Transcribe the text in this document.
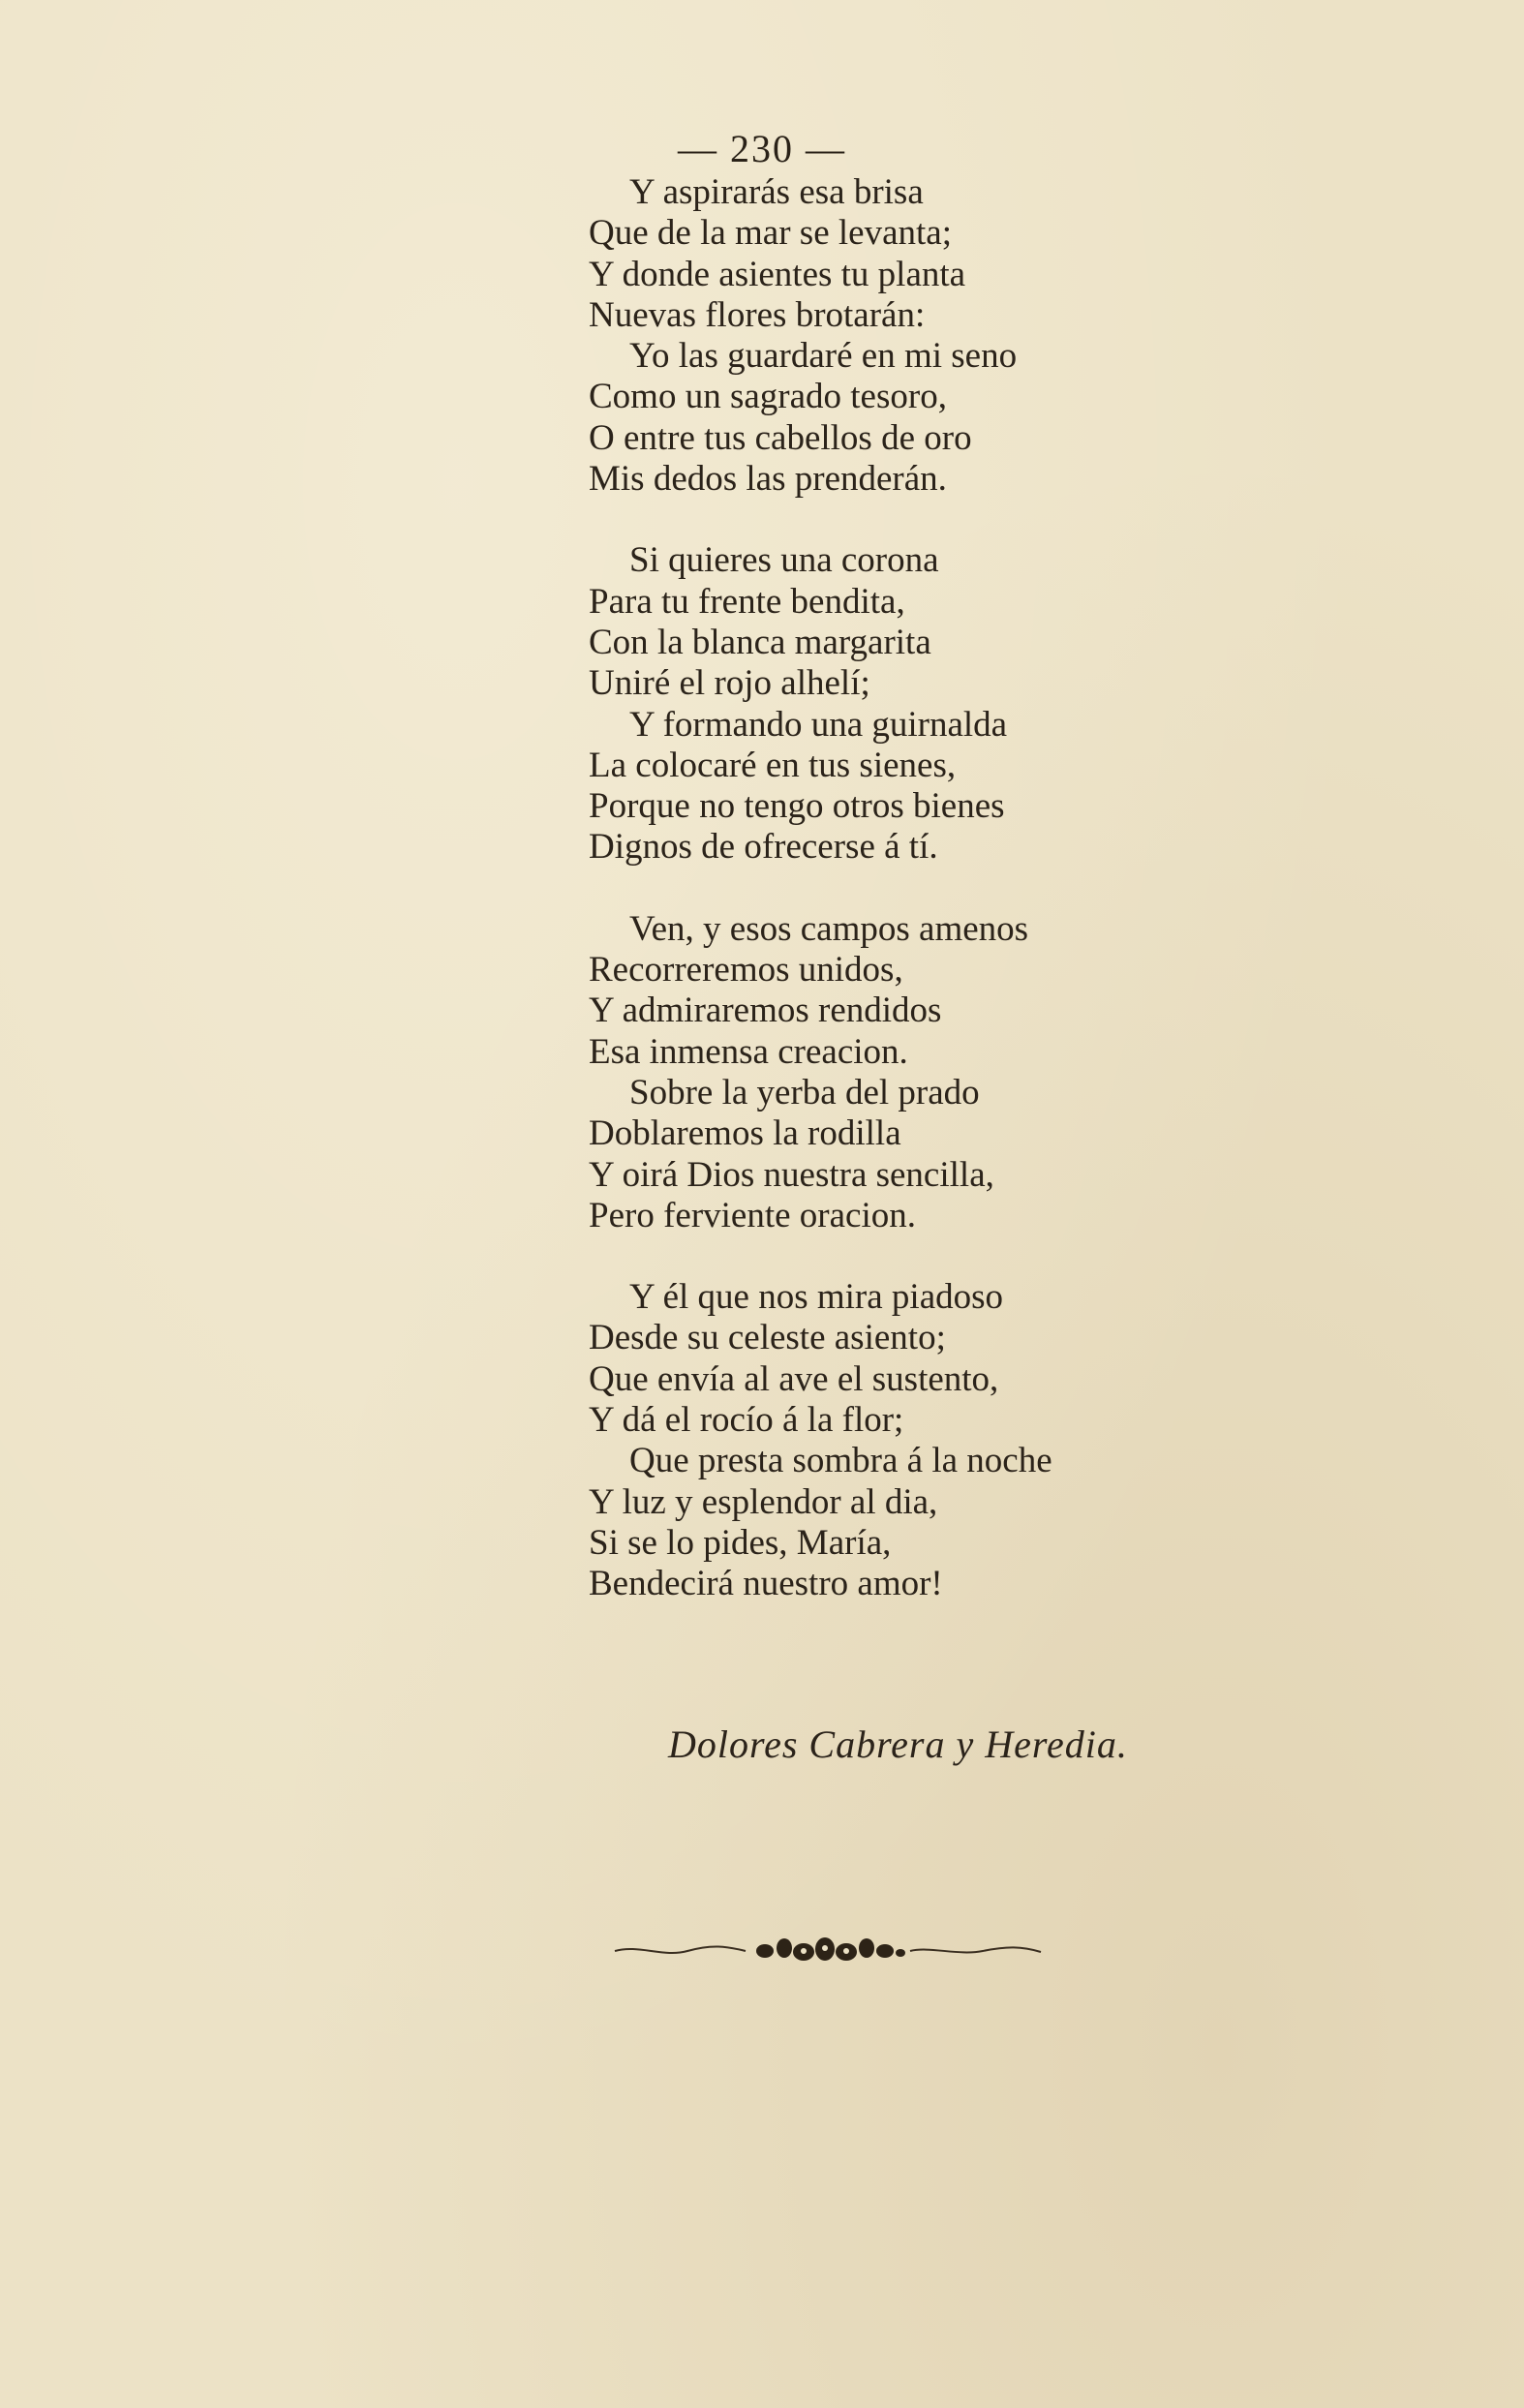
— 230 —
Y aspirarás esa brisa
Que de la mar se levanta;
Y donde asientes tu planta
Nuevas flores brotarán:
Yo las guardaré en mi seno
Como un sagrado tesoro,
O entre tus cabellos de oro
Mis dedos las prenderán.
Si quieres una corona
Para tu frente bendita,
Con la blanca margarita
Uniré el rojo alhelí;
Y formando una guirnalda
La colocaré en tus sienes,
Porque no tengo otros bienes
Dignos de ofrecerse á tí.
Ven, y esos campos amenos
Recorreremos unidos,
Y admiraremos rendidos
Esa inmensa creacion.
Sobre la yerba del prado
Doblaremos la rodilla
Y oirá Dios nuestra sencilla,
Pero ferviente oracion.
Y él que nos mira piadoso
Desde su celeste asiento;
Que envía al ave el sustento,
Y dá el rocío á la flor;
Que presta sombra á la noche
Y luz y esplendor al dia,
Si se lo pides, María,
Bendecirá nuestro amor!
Dolores Cabrera y Heredia.
